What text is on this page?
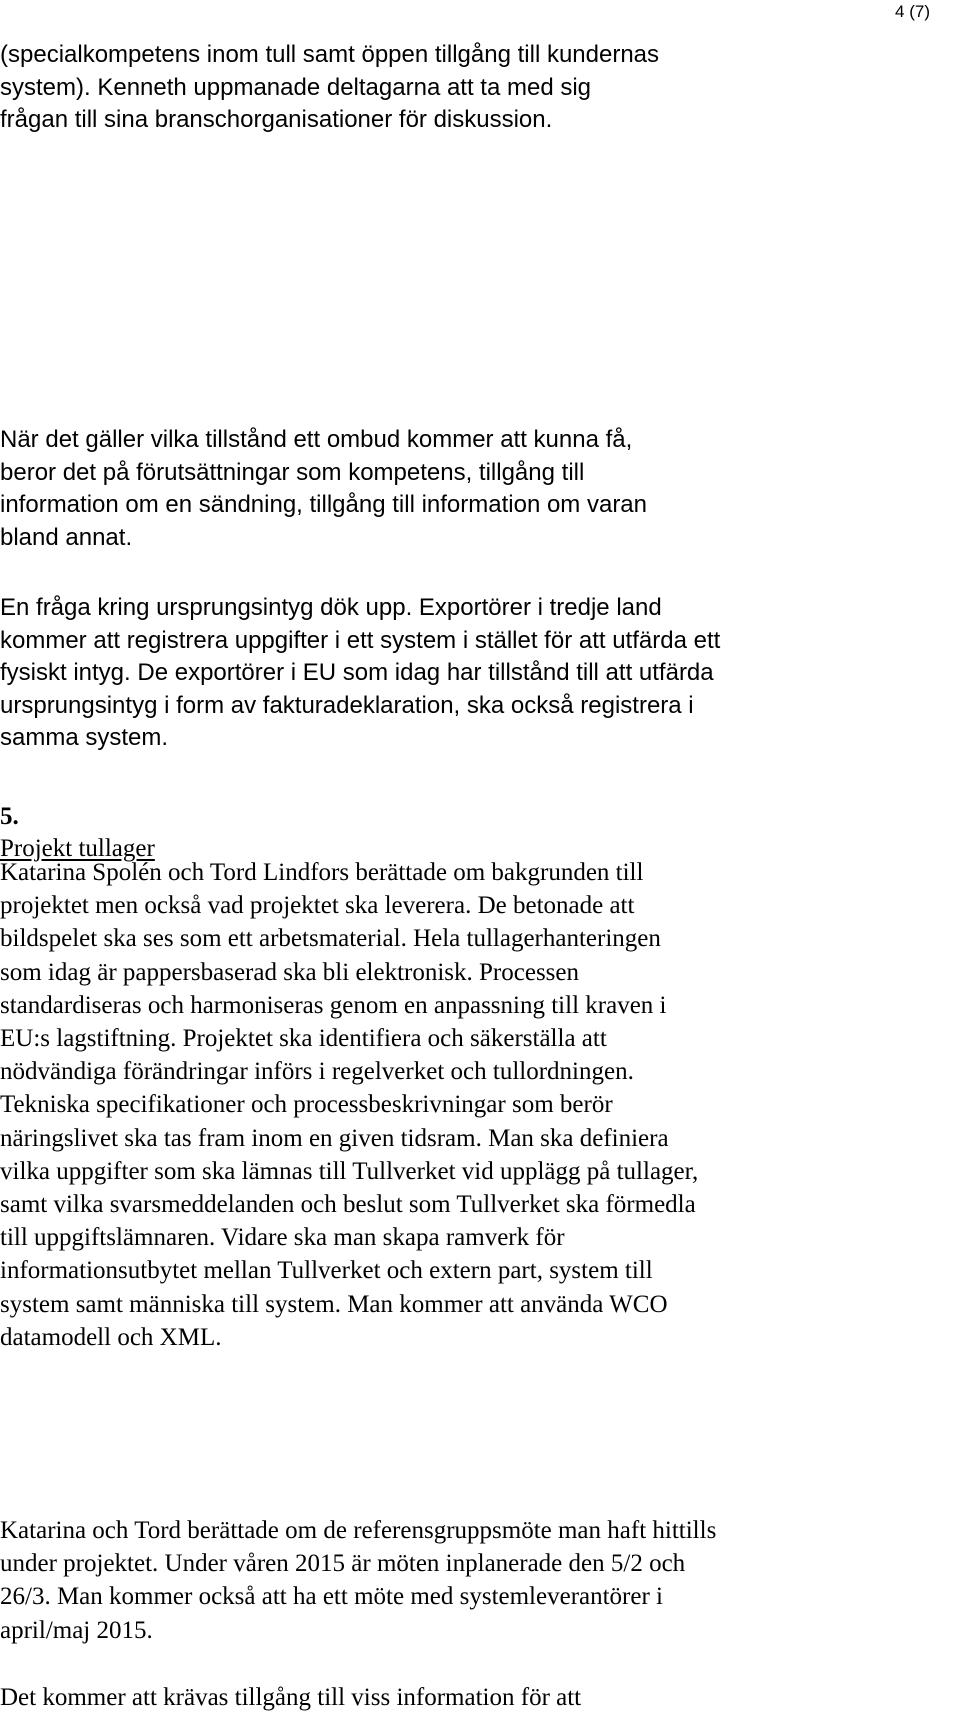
4 (7)

(specialkompetens inom tull samt öppen tillgång till kundernas system). Kenneth uppmanade deltagarna att ta med sig frågan till sina branschorganisationer för diskussion.

När det gäller vilka tillstånd ett ombud kommer att kunna få, beror det på förutsättningar som kompetens, tillgång till information om en sändning, tillgång till information om varan bland annat.

En fråga kring ursprungsintyg dök upp. Exportörer i tredje land kommer att registrera uppgifter i ett system i stället för att utfärda ett fysiskt intyg. De exportörer i EU som idag har tillstånd till att utfärda ursprungsintyg i form av fakturadeklaration, ska också registrera i samma system.

5.
Projekt tullager

Katarina Spolén och Tord Lindfors berättade om bakgrunden till projektet men också vad projektet ska leverera. De betonade att bildspelet ska ses som ett arbetsmaterial. Hela tullagerhanteringen som idag är pappersbaserad ska bli elektronisk. Processen standardiseras och harmoniseras genom en anpassning till kraven i EU:s lagstiftning. Projektet ska identifiera och säkerställa att nödvändiga förändringar införs i regelverket och tullordningen. Tekniska specifikationer och processbeskrivningar som berör näringslivet ska tas fram inom en given tidsram. Man ska definiera vilka uppgifter som ska lämnas till Tullverket vid upplägg på tullager, samt vilka svarsmeddelanden och beslut som Tullverket ska förmedla till uppgiftslämnaren. Vidare ska man skapa ramverk för informationsutbytet mellan Tullverket och extern part, system till system samt människa till system. Man kommer att använda WCO datamodell och XML.

Katarina och Tord berättade om de referensgruppsmöte man haft hittills under projektet. Under våren 2015 är möten inplanerade den 5/2 och 26/3. Man kommer också att ha ett möte med systemleverantörer i april/maj 2015.

Det kommer att krävas tillgång till viss information för att
